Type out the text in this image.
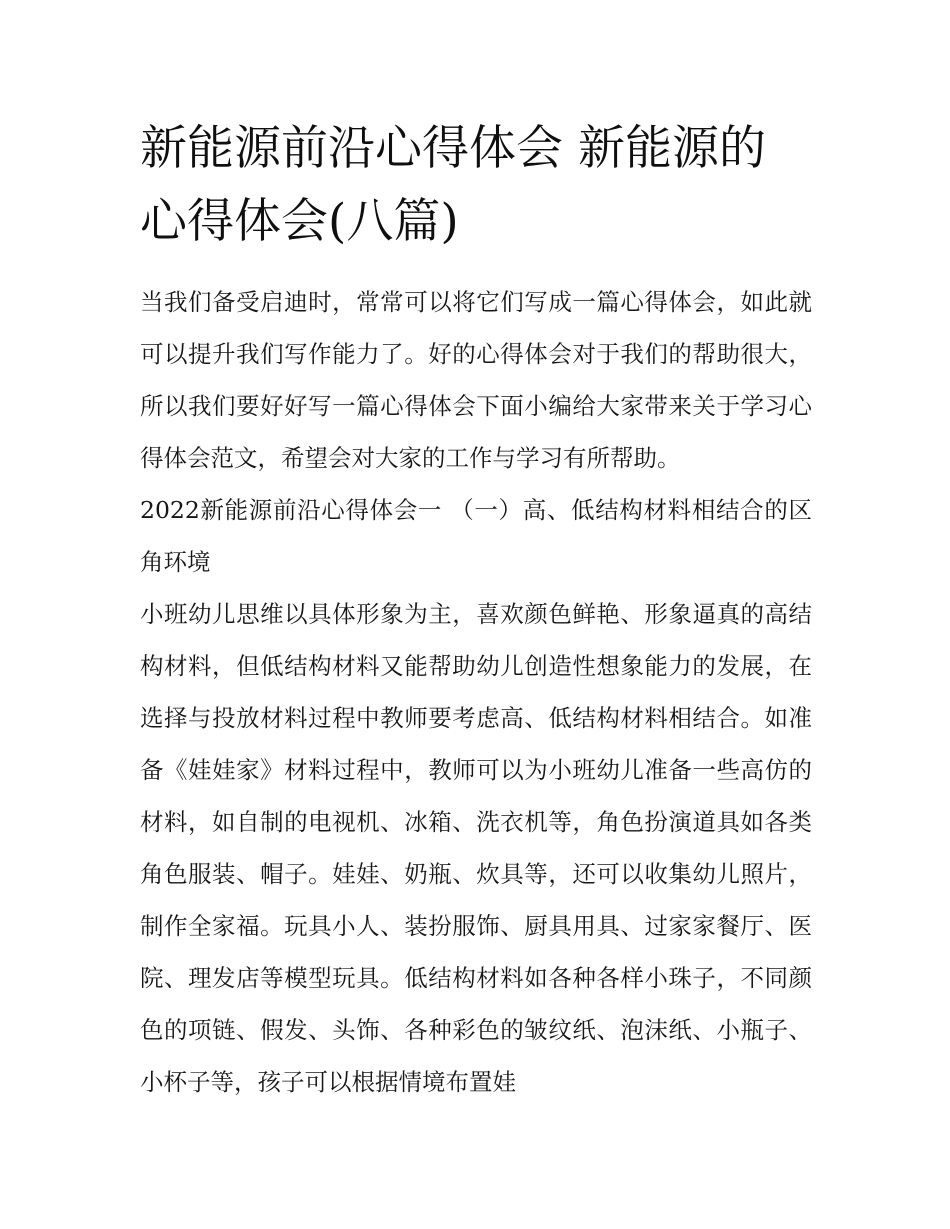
新能源前沿心得体会 新能源的心得体会(八篇)

当我们备受启迪时，常常可以将它们写成一篇心得体会，如此就可以提升我们写作能力了。好的心得体会对于我们的帮助很大，所以我们要好好写一篇心得体会下面小编给大家带来关于学习心得体会范文，希望会对大家的工作与学习有所帮助。

2022新能源前沿心得体会一 （一）高、低结构材料相结合的区角环境

小班幼儿思维以具体形象为主，喜欢颜色鲜艳、形象逼真的高结构材料，但低结构材料又能帮助幼儿创造性想象能力的发展，在选择与投放材料过程中教师要考虑高、低结构材料相结合。如准备《娃娃家》材料过程中，教师可以为小班幼儿准备一些高仿的材料，如自制的电视机、冰箱、洗衣机等，角色扮演道具如各类角色服装、帽子。娃娃、奶瓶、炊具等，还可以收集幼儿照片，制作全家福。玩具小人、装扮服饰、厨具用具、过家家餐厅、医院、理发店等模型玩具。低结构材料如各种各样小珠子，不同颜色的项链、假发、头饰、各种彩色的皱纹纸、泡沫纸、小瓶子、小杯子等，孩子可以根据情境布置娃
